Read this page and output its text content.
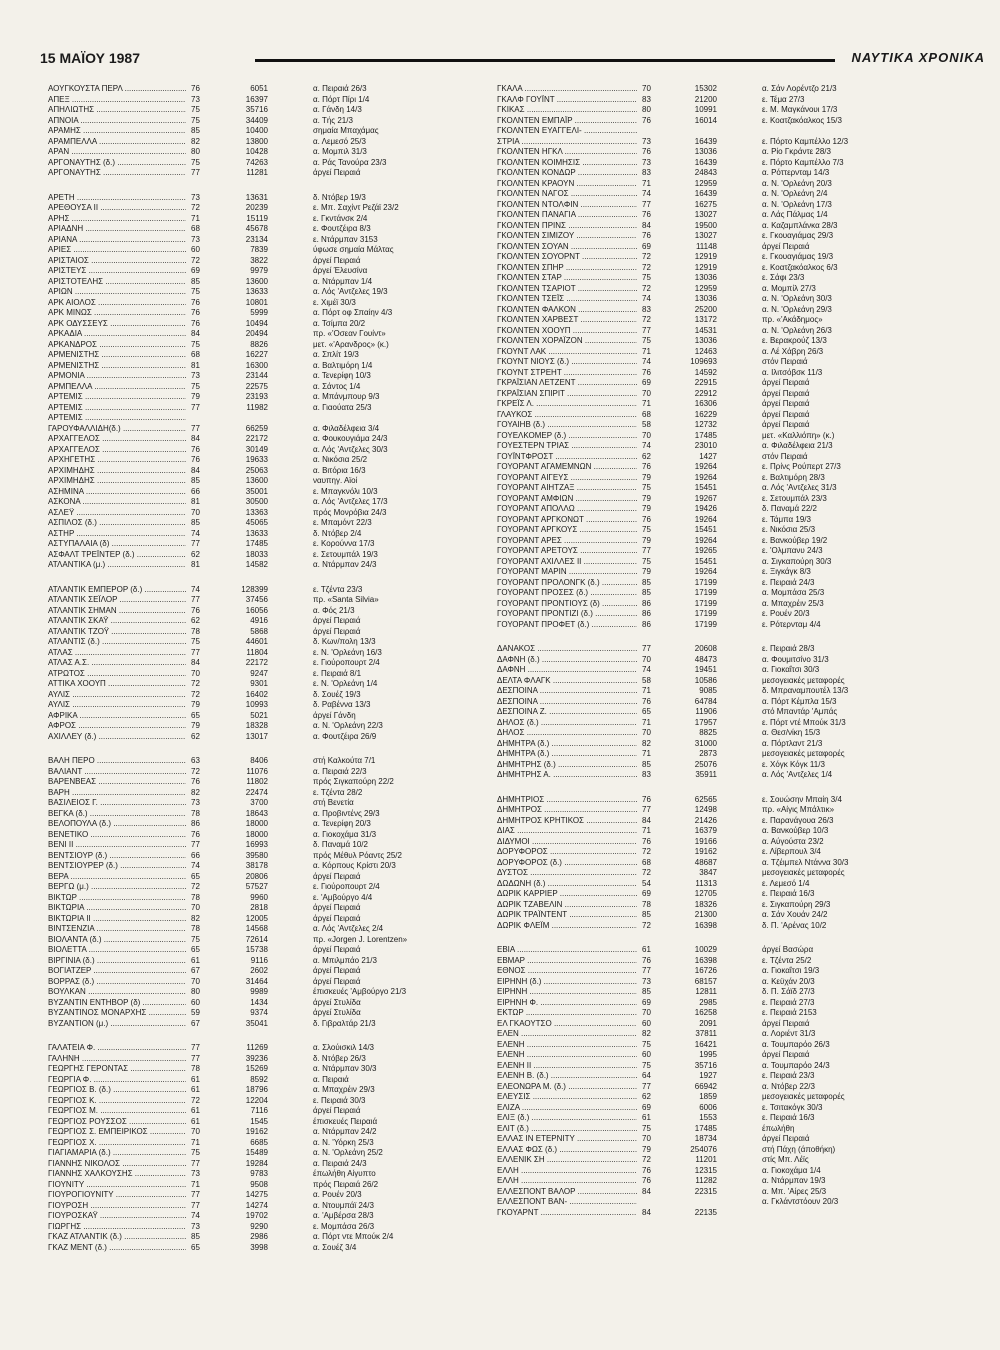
15 ΜΑΪΟΥ 1987	ΝΑΥΤΙΚΑ ΧΡΟΝΙΚΑ
ΑΟΥΓΚΟΥΣΤΑ ΠΕΡΛ .....	76	6051	α. Πειραιά 26/3
ΑΠΕΞ .....	73	16397	α. Πόρτ Πίρι 1/4
ΑΠΗΛΙΩΤΗΣ .....	75	35716	α. Γάνδη 14/3
ΑΠΝΟΙΑ .....	75	34409	α. Τής 21/3
ΑΡΑΜΗΣ .....	85	10400	σημαία Μπαχάμας
ΑΡΑΜΠΕΛΛΑ .....	82	13800	α. Λεμεσό 25/3
ΑΡΑΝ .....	80	10428	α. Μομπιλ 31/3
ΑΡΓΟΝΑΥΤΗΣ (δ.) .....	75	74263	α. Ράς Τανούρα 23/3
ΑΡΓΟΝΑΥΤΗΣ .....	77	11281	άργεί Πειραιά
ΑΡΕΤΗ .....	73	13631	δ. Ντόβερ 19/3
ΑΡΕΘΟΥΣΑ ΙΙ .....	72	20239	ε. Μπ. Σαχίντ Ρεζάϊ 23/2
ΑΡΗΣ .....	71	15119	ε. Γκντάνσκ 2/4
ΑΡΙΑΔΝΗ .....	68	45678	ε. Φουτζέιρα 8/3
ΑΡΙΑΝΑ .....	73	23134	ε. Ντάρμπαν 3153
ΑΡΙΕΣ .....	60	7839	ύφωσε σημαία Μάλτας
ΑΡΙΣΤΑΙΟΣ .....	72	3822	άργεί Πειραιά
ΑΡΙΣΤΕΥΣ .....	69	9979	άργεί Έλευσίνα
ΑΡΙΣΤΟΤΕΛΗΣ .....	85	13600	α. Ντάρμπαν 1/4
ΑΡΙΩΝ .....	75	13633	α. Λός 'Αντζελες 19/3
ΑΡΚ ΑΙΟΛΟΣ .....	76	10801	ε. Χιμέϊ 30/3
ΑΡΚ ΜΙΝΩΣ .....	76	5999	α. Πόρτ οφ Σπαίην 4/3
ΑΡΚ ΟΔΥΣΣΕΥΣ .....	76	10494	α. Τσίμπα 20/2
ΑΡΚΑΔΙΑ .....	84	20494	πρ. «'Οσεαν Γουίντ»
ΑΡΚΑΝΔΡΟΣ .....	75	8826	μετ. «'Αρανδρος» (κ.)
ΑΡΜΕΝΙΣΤΗΣ .....	68	16227	α. Σπλίτ 19/3
ΑΡΜΕΝΙΣΤΗΣ .....	81	16300	α. Βαλτιμόρη 1/4
ΑΡΜΟΝΙΑ .....	73	23144	α. Τενερίφη 10/3
ΑΡΜΠΕΛΛΑ .....	75	22575	α. Σάντος 1/4
ΑΡΤΕΜΙΣ .....	79	23193	α. Μπάνμπουρ 9/3
ΑΡΤΕΜΙΣ .....	77	11982	α. Γιαούατα 25/3
ΑΡΤΕΜΙΣ .....
ΓΑΡΟΥΦΑΛΛΙΔΗ(δ.) .....	77	66259	α. Φιλαδέλφεια 3/4
ΑΡΧΑΓΓΕΛΟΣ .....	84	22172	α. Φουκουγιάμα 24/3
ΑΡΧΑΓΓΕΛΟΣ .....	76	30149	α. Λός 'Αντζελες 30/3
ΑΡΧΗΓΕΤΗΣ .....	76	19633	α. Νικόσια 25/2
ΑΡΧΙΜΗΔΗΣ .....	84	25063	α. Βιτόρια 16/3
ΑΡΧΙΜΗΔΗΣ .....	85	13600	ναυπηγ. Αϊοί
ΑΣΗΜΙΝΑ .....	66	35001	ε. Μπαγκνόλι 10/3
ΑΣΚΟΝΑ .....	81	30500	α. Λός 'Αντζελες 17/3
ΑΣΛΕΫ .....	70	13363	πρός Μονρόβια 24/3
ΑΣΠΙΛΟΣ (δ.) .....	85	45065	ε. Μπαμόντ 22/3
ΑΣΤΗΡ .....	74	13633	δ. Ντόβερ 2/4
ΑΣΤΥΠΑΛΑΙΑ (δ) .....	77	17485	ε. Κορούννα 17/3
ΑΣΦΑΛΤ ΤΡΕΪΝΤΕΡ (δ.) .....	62	18033	ε. Σετουμπάλ 19/3
ΑΤΛΑΝΤΙΚΑ (μ.) .....	81	14582	α. Ντάρμπαν 24/3
ΑΤΛΑΝΤΙΚ ΕΜΠΕΡΟΡ (δ.) .....	74	128399	ε. Τζέντα 23/3
ΑΤΛΑΝΤΙΚ ΣΕΪΛΟΡ .....	77	37456	πρ. «Santa Silvia»
ΑΤΛΑΝΤΙΚ ΣΗΜΑΝ .....	76	16056	α. Φός 21/3
ΑΤΛΑΝΤΙΚ ΣΚΑΫ .....	62	4916	άργεί Πειραιά
ΑΤΛΑΝΤΙΚ ΤΖΟΫ .....	78	5868	άργεί Πειραιά
ΑΤΛΑΝΤΙΣ (δ.) .....	75	44601	δ. Κων/πολη 13/3
ΑΤΛΑΣ .....	77	11804	ε. Ν. 'Ορλεάνη 16/3
ΑΤΛΑΣ Α.Σ. .....	84	22172	ε. Γιούροπουρτ 2/4
ΑΤΡΩΤΟΣ .....	70	9247	ε. Πειραιά 8/1
ΑΤΤΙΚΑ ΧΟΟΥΠ .....	72	9301	ε. Ν. 'Ορλεάνη 1/4
ΑΥΛΙΣ .....	72	16402	δ. Σουέζ 19/3
ΑΥΛΙΣ .....	79	10993	δ. Ραβέννα 13/3
ΑΦΡΙΚΑ .....	65	5021	άργεί Γάνδη
ΑΦΡΟΣ .....	79	18328	α. Ν. 'Ορλεάνη 22/3
ΑΧΙΛΛΕΥ (δ.) .....	62	13017	α. Φουτζέιρα 26/9
ΒΑΛΗ ΠΕΡΟ .....	63	8406	στή Καλκούτα 7/1
ΒΑΛΙΑΝΤ .....	72	11076	α. Πειραιά 22/3
ΒΑΡΕΝΒΕΑΣ .....	76	11802	πρός Σιγκαπούρη 22/2
ΒΑΡΗ .....	82	22474	ε. Τζέντα 28/2
ΒΑΣΙΛΕΙΟΣ Γ. .....	73	3700	στή Βενετία
ΒΕΓΚΑ (δ.) .....	78	18643	α. Προβιντένς 29/3
ΒΕΛΟΠΟΥΛΑ (δ.) .....	86	18000	α. Τενερίφη 20/3
ΒΕΝΕΤΙΚΟ .....	76	18000	α. Γιοκοχάμα 31/3
ΒΕΝΙ ΙΙ .....	77	16993	δ. Παναμά 10/2
ΒΕΝΤΣΙΟΥΡ (δ.) .....	66	39580	πρός Μέθυλ Ρόαντς 25/2
ΒΕΝΤΣΙΟΥΡΕΡ (δ.) .....	74	38178	α. Κόρπους Κρίστι 20/3
ΒΕΡΑ .....	65	20806	άργεί Πειραιά
ΒΕΡΓΩ (μ.) .....	72	57527	ε. Γιούροπουρτ 2/4
ΒΙΚΤΩΡ .....	78	9960	ε. 'Αμβούργο 4/4
ΒΙΚΤΩΡΙΑ .....	70	2818	άργεί Πειραιά
ΒΙΚΤΩΡΙΑ ΙΙ .....	82	12005	άργεί Πειραιά
ΒΙΝΤΣΕΝΖΙΑ .....	78	14568	α. Λός 'Αντζελες 2/4
ΒΙΟΛΑΝΤΑ (δ.) .....	75	72614	πρ. «Jorgen J. Lorentzen»
ΒΙΟΛΕΤΤΑ .....	65	15738	άργεί Πειραιά
ΒΙΡΓΙΝΙΑ (δ.) .....	61	9116	α. Μπιλμπάο 21/3
ΒΟΓΙΑΤΖΕΡ .....	67	2602	άργεί Πειραιά
ΒΟΡΡΑΣ (δ.) .....	70	31464	άργεί Πειραιά
ΒΟΥΛΚΑΝ .....	80	9989	έπισκευές 'Αμβούργο 21/3
ΒΥΖΑΝΤΙΝ ΕΝΤΗΒΟΡ (δ) .....	60	1434	άργεί Στυλίδα
ΒΥΖΑΝΤΙΝΟΣ ΜΟΝΑΡΧΗΣ .....	59	9374	άργεί Στυλίδα
ΒΥΖΑΝΤΙΟΝ (μ.) .....	67	35041	δ. Γιβραλτάρ 21/3
ΓΑΛΑΤΕΙΑ Φ. .....	77	11269	α. Σλούισκιλ 14/3
ΓΑΛΗΝΗ .....	77	39236	δ. Ντόβερ 26/3
ΓΕΩΡΓΗΣ ΓΕΡΟΝΤΑΣ .....	78	15269	α. Ντάρμπαν 30/3
ΓΕΩΡΓΙΑ Φ. .....	61	8592	α. Πειραιά
ΓΕΩΡΓΙΟΣ Β. (δ.) .....	61	18796	α. Μπαχρέιν 29/3
ΓΕΩΡΓΙΟΣ Κ. .....	72	12204	ε. Πειραιά 30/3
ΓΕΩΡΓΙΟΣ Μ. .....	61	7116	άργεί Πειραιά
ΓΕΩΡΓΙΟΣ ΡΟΥΣΣΟΣ .....	61	1545	έπισκευές Πειραιά
ΓΕΩΡΓΙΟΣ Σ. ΕΜΠΕΙΡΙΚΟΣ .....	70	19162	α. Ντάρμπαν 24/2
ΓΕΩΡΓΙΟΣ Χ. .....	71	6685	α. Ν. 'Υόρκη 25/3
ΓΙΑΓΙΑΜΑΡΙΑ (δ.) .....	75	15489	α. Ν. 'Ορλεάνη 25/2
ΓΙΑΝΝΗΣ ΝΙΚΟΛΟΣ .....	77	19284	α. Πειραιά 24/3
ΓΙΑΝΝΗΣ ΧΑΛΚΟΥΣΗΣ .....	73	9783	έπωλήθη Αίγυπτο
ΓΙΟΥΝΙΤΥ .....	71	9508	πρός Πειραιά 26/2
ΓΙΟΥΡΟΓΙΟΥΝΙΤΥ .....	77	14275	α. Ρουέν 20/3
ΓΙΟΥΡΟΣΗ .....	77	14274	α. Ντουμπάϊ 24/3
ΓΙΟΥΡΟΣΚΑΫ .....	74	19702	α. 'Αμβέρσα 28/3
ΓΙΩΡΓΗΣ .....	73	9290	ε. Μομπάσα 26/3
ΓΚΑΖ ΑΤΛΑΝΤΙΚ (δ.) .....	85	2986	α. Πόρτ ντε Μπούκ 2/4
ΓΚΑΖ ΜΕΝΤ (δ.) .....	65	3998	α. Σουέζ 3/4
ΓΚΑΛΑ .....	70	15302	α. Σάν Λορέντζο 21/3
ΓΚΑΛΦ ΓΟΥΪΝΤ .....	83	21200	ε. Τέμα 27/3
ΓΚΙΚΑΣ .....	80	10991	ε. Μ. Μαγκάνουι 17/3
ΓΚΟΛΝΤΕΝ ΕΜΠΑΪΡ .....	76	16014	ε. Κοατζακόαλκος 15/3
ΓΚΟΛΝΤΕΝ ΕΥΑΓΓΕΛΙ- .....
ΣΤΡΙΑ .....	73	16439	ε. Πόρτο Καμπέλλο 12/3
ΓΚΟΛΝΤΕΝ ΗΓΚΛ .....	76	13036	α. Ρίο Γκράντε 28/3
ΓΚΟΛΝΤΕΝ ΚΟΙΜΗΣΙΣ .....	73	16439	ε. Πόρτο Καμπέλλο 7/3
ΓΚΟΛΝΤΕΝ ΚΟΝΔΩΡ .....	83	24843	α. Ρόττερνταμ 14/3
ΓΚΟΛΝΤΕΝ ΚΡΑΟΥΝ .....	71	12959	α. Ν. 'Ορλεάνη 20/3
ΓΚΟΛΝΤΕΝ ΝΑΓΟΣ .....	74	16439	α. Ν. 'Ορλεάνη 2/4
ΓΚΟΛΝΤΕΝ ΝΤΟΛΦΙΝ .....	77	16275	α. Ν. 'Ορλεάνη 17/3
ΓΚΟΛΝΤΕΝ ΠΑΝΑΓΙΑ .....	76	13027	α. Λάς Πάλμας 1/4
ΓΚΟΛΝΤΕΝ ΠΡΙΝΣ .....	84	19500	α. Καζαμπλάνκα 28/3
ΓΚΟΛΝΤΕΝ ΣΙΜΙΖΟΥ .....	76	13027	ε. Γκουαγιάμας 29/3
ΓΚΟΛΝΤΕΝ ΣΟΥΑΝ .....	69	11148	άργεί Πειραιά
ΓΚΟΛΝΤΕΝ ΣΟΥΟΡΝΤ .....	72	12919	ε. Γκουαγιάμας 19/3
ΓΚΟΛΝΤΕΝ ΣΠΗΡ .....	72	12919	ε. Κοατζακόαλκος 6/3
ΓΚΟΛΝΤΕΝ ΣΤΑΡ .....	75	13036	ε. Σάφι 23/3
ΓΚΟΛΝΤΕΝ ΤΣΑΡΙΟΤ .....	72	12959	α. Μομπίλ 27/3
ΓΚΟΛΝΤΕΝ ΤΣΕΪΣ .....	74	13036	α. Ν. 'Ορλεάνη 30/3
ΓΚΟΛΝΤΕΝ ΦΑΛΚΟΝ .....	83	25200	α. Ν. 'Ορλεάνη 29/3
ΓΚΟΛΝΤΕΝ ΧΑΡΒΕΣΤ .....	72	13172	πρ. «'Ακάδημος»
ΓΚΟΛΝΤΕΝ ΧΟΟΥΠ .....	77	14531	α. Ν. 'Ορλεάνη 26/3
ΓΚΟΛΝΤΕΝ ΧΟΡΑΪΖΟΝ .....	75	13036	ε. Βερακρούζ 13/3
ΓΚΟΥΝΤ ΛΑΚ .....	71	12463	α. Λέ Χάβρη 26/3
ΓΚΟΥΝΤ ΝΙΟΥΣ (δ.) .....	74	109693	στόν Πειραιά
ΓΚΟΥΝΤ ΣΤΡΕΗΤ .....	76	14592	α. Ιλιτσόβσκ 11/3
ΓΚΡΑΪΣΙΑΝ ΛΕΤΖΕΝΤ .....	69	22915	άργεί Πειραιά
ΓΚΡΑΪΣΙΑΝ ΣΠΙΡΙΤ .....	70	22912	άργεί Πειραιά
ΓΚΡΕΪΣ Λ. .....	71	16306	άργεί Πειραιά
ΓΛΑΥΚΟΣ .....	68	16229	άργεί Πειραιά
ΓΟΥΑΙΗΒ (δ.) .....	58	12732	άργεί Πειραιά
ΓΟΥΕΛΚΟΜΕΡ (δ.) .....	70	17485	μετ. «Καλλιόπη» (κ.)
ΓΟΥΕΣΤΕΡΝ ΤΡΙΑΣ .....	74	23010	α. Φιλαδέλφεια 21/3
ΓΟΥΪΝΤΦΡΟΣΤ .....	62	1427	στόν Πειραιά
ΓΟΥΟΡΑΝΤ ΑΓΑΜΕΜΝΩΝ .....	76	19264	ε. Πρίνς Ρούπερτ 27/3
ΓΟΥΟΡΑΝΤ ΑΙΓΕΥΣ .....	79	19264	ε. Βαλτιμόρη 28/3
ΓΟΥΟΡΑΝΤ ΑΙΗΤΖΑΞ .....	75	15451	α. Λός 'Αντζελες 31/3
ΓΟΥΟΡΑΝΤ ΑΜΦΙΩΝ .....	79	19267	ε. Σετουμπάλ 23/3
ΓΟΥΟΡΑΝΤ ΑΠΟΛΛΩ .....	79	19426	δ. Παναμά 22/2
ΓΟΥΟΡΑΝΤ ΑΡΓΚΟΝΩΤ .....	76	19264	ε. Τάμπα 19/3
ΓΟΥΟΡΑΝΤ ΑΡΓΚΟΥΣ .....	75	15451	ε. Νικόσια 25/3
ΓΟΥΟΡΑΝΤ ΑΡΕΣ .....	79	19264	ε. Βανκούβερ 19/2
ΓΟΥΟΡΑΝΤ ΑΡΕΤΟΥΣ .....	77	19265	ε. 'Ολμπανυ 24/3
ΓΟΥΟΡΑΝΤ ΑΧΙΛΛΕΣ ΙΙ .....	75	15451	α. Σιγκαπούρη 30/3
ΓΟΥΟΡΑΝΤ ΜΑΡΙΝ .....	79	19264	ε. Ξιγκάγκ 8/3
ΓΟΥΟΡΑΝΤ ΠΡΟΛΟΝΓΚ (δ.) .....	85	17199	ε. Πειραιά 24/3
ΓΟΥΟΡΑΝΤ ΠΡΟΣΕΣ (δ.) .....	85	17199	α. Μομπάσα 25/3
ΓΟΥΟΡΑΝΤ ΠΡΟΝΤΙΟΥΣ (δ) .....	86	17199	α. Μπαχρέιν 25/3
ΓΟΥΟΡΑΝΤ ΠΡΟΝΤΙΖΙ (δ.) .....	86	17199	ε. Ρουέν 20/3
ΓΟΥΟΡΑΝΤ ΠΡΟΦΕΤ (δ.) .....	86	17199	ε. Ρότερνταμ 4/4
ΔΑΝΑΚΟΣ .....	77	20608	ε. Πειραιά 28/3
ΔΑΦΝΗ (δ.) .....	70	48473	α. Φουμιτσίνο 31/3
ΔΑΦΝΗ .....	74	19451	α. Γιοκαΐτσι 30/3
ΔΕΛΤΑ ΦΛΑΓΚ .....	58	10586	μεσογειακές μεταφορές
ΔΕΣΠΟΙΝΑ .....	71	9085	δ. Μπραναμπουτέλ 13/3
ΔΕΣΠΟΙΝΑ .....	76	64784	α. Πόρτ Κέμπλα 15/3
ΔΕΣΠΟΙΝΑ Ζ. .....	65	11906	στό Μπαντάρ 'Αμπάς
ΔΗΛΟΣ (δ.) .....	71	17957	ε. Πόρτ ντέ Μπούκ 31/3
ΔΗΛΟΣ .....	70	8825	α. Θεσ/νίκη 15/3
ΔΗΜΗΤΡΑ (δ.) .....	82	31000	α. Πόρτλαντ 21/3
ΔΗΜΗΤΡΑ (δ.) .....	71	2873	μεσογειακές μεταφορές
ΔΗΜΗΤΡΗΣ (δ.) .....	85	25076	ε. Χόγκ Κόγκ 11/3
ΔΗΜΗΤΡΗΣ Α. .....	83	35911	α. Λός 'Αντζελες 1/4
ΔΗΜΗΤΡΙΟΣ .....	76	62565	ε. Σουώσην Μπαίη 3/4
ΔΗΜΗΤΡΟΣ .....	77	12498	πρ. «Αίγις Μπάλτικ»
ΔΗΜΗΤΡΟΣ ΚΡΗΤΙΚΟΣ .....	84	21426	ε. Παρανάγουα 26/3
ΔΙΑΣ .....	71	16379	α. Βανκούβερ 10/3
ΔΙΔΥΜΟΙ .....	76	19166	α. Αύγούστα 23/2
ΔΟΡΥΦΟΡΟΣ .....	72	19162	ε. Λίβερπουλ 3/4
ΔΟΡΥΦΟΡΟΣ (δ.) .....	68	48687	α. Τζέιμπελ Ντάννα 30/3
ΔΥΣΤΟΣ .....	72	3847	μεσογειακές μεταφορές
ΔΩΔΩΝΗ (δ.) .....	54	11313	ε. Λεμεσό 1/4
ΔΩΡΙΚ ΚΑΡΡΙΕΡ .....	69	12705	ε. Πειραιά 16/3
ΔΩΡΙΚ ΤΖΑΒΕΛΙΝ .....	78	18326	ε. Σιγκαπούρη 29/3
ΔΩΡΙΚ ΤΡΑΪΝΤΕΝΤ .....	85	21300	α. Σάν Χουάν 24/2
ΔΩΡΙΚ ΦΛΕΪΜ .....	72	16398	δ. Π. 'Αρένας 10/2
ΕΒΙΑ .....	61	10029	άργεί Βασώρα
ΕΒΜΑΡ .....	76	16398	ε. Τζέντα 25/2
ΕΘΝΟΣ .....	77	16726	α. Γιοκαΐτσι 19/3
ΕΙΡΗΝΗ (δ.) .....	73	68157	α. Κεϋχάν 20/3
ΕΙΡΗΝΗ .....	85	12811	δ. Π. Σάϊδ 27/3
ΕΙΡΗΝΗ Φ. .....	69	2985	ε. Πειραιά 27/3
ΕΚΤΩΡ .....	70	16258	ε. Πειραιά 2153
ΕΛ ΓΚΑΟΥΤΣΟ .....	60	2091	άργεί Πειραιά
ΕΛΕΝ .....	82	37811	α. Λοριέντ 31/3
ΕΛΕΝΗ .....	75	16421	α. Τουμπαρόο 26/3
ΕΛΕΝΗ .....	60	1995	άργεί Πειραιά
ΕΛΕΝΗ ΙΙ .....	75	35716	α. Τουμπαρόο 24/3
ΕΛΕΝΗ Β. (δ.) .....	64	1927	ε. Πειραιά 23/3
ΕΛΕΟΝΩΡΑ Μ. (δ.) .....	77	66942	α. Ντόβερ 22/3
ΕΛΕΥΣΙΣ .....	62	1859	μεσογειακές μεταφορές
ΕΛΙΖΑ .....	69	6006	ε. Τσιτακόγκ 30/3
ΕΛΙΞ (δ.) .....	61	1553	ε. Πειραιά 16/3
ΕΛΙΤ (δ.) .....	75	17485	έπωλήθη
ΕΛΛΑΣ ΙΝ ΕΤΕΡΝΙΤΥ .....	70	18734	άργεί Πειραιά
ΕΛΛΑΣ ΦΩΣ (δ.) .....	79	254076	στή Πάχη (άποθήκη)
ΕΛΛΕΝΙΚ ΣΗ .....	72	11201	στίς Μπ. Λέϊς
ΕΛΛΗ .....	76	12315	α. Γιοκοχάμα 1/4
ΕΛΛΗ .....	76	11282	α. Ντάρμπαν 19/3
ΕΛΛΕΣΠΟΝΤ ΒΑΛΟΡ .....	84	22315	α. Μπ. 'Αίρες 25/3
ΕΛΛΕΣΠΟΝΤ ΒΑΝ- .....	α. Γκλάντστόουν 20/3
ΓΚΟΥΑΡΝΤ .....	84	22135
